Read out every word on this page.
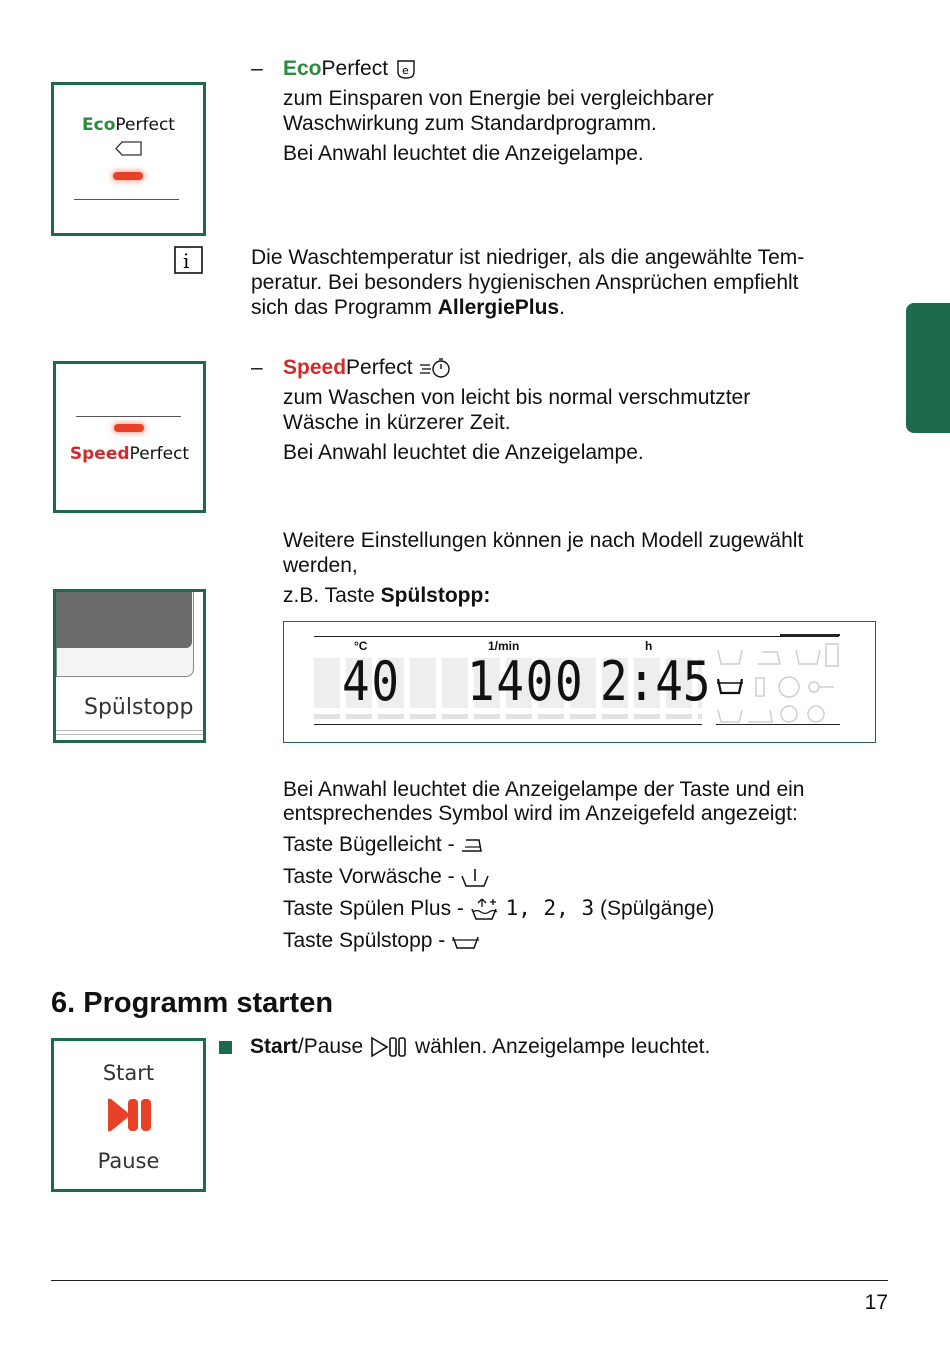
EcoPerfect
– EcoPerfect e
zum Einsparen von Energie bei vergleichbarer
Waschwirkung zum Standardprogramm.
Bei Anwahl leuchtet die Anzeigelampe.
i	Die Waschtemperatur ist niedriger, als die angewählte Tem-
peratur. Bei besonders hygienischen Ansprüchen empfiehlt
sich das Programm AllergiePlus.
SpeedPerfect
– SpeedPerfect
zum Waschen von leicht bis normal verschmutzter
Wäsche in kürzerer Zeit.
Bei Anwahl leuchtet die Anzeigelampe.
Weitere Einstellungen können je nach Modell zugewählt
werden,
z.B. Taste Spülstopp:
Spülstopp
°C	1/min	h
40 1400 2:45
Bei Anwahl leuchtet die Anzeigelampe der Taste und ein
entsprechendes Symbol wird im Anzeigefeld angezeigt:
Taste Bügelleicht -
Taste Vorwäsche -
Taste Spülen Plus -  1, 2, 3 (Spülgänge)
Taste Spülstopp -
6. Programm starten
Start
Pause
Start/Pause  wählen. Anzeigelampe leuchtet.
17
